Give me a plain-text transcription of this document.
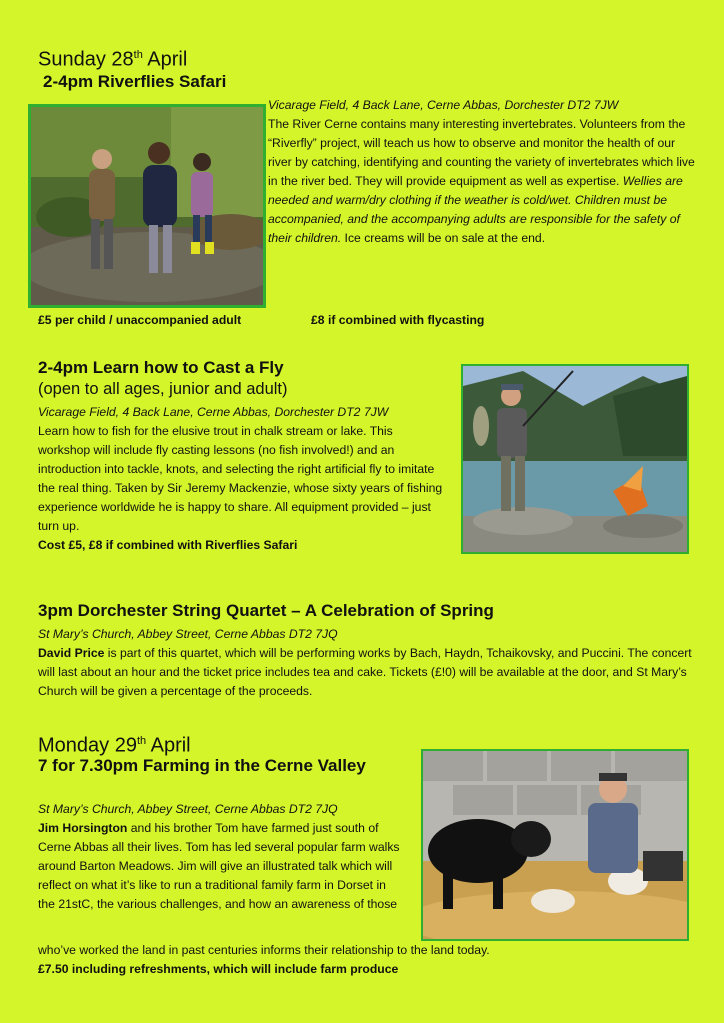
Sunday 28th April
2-4pm Riverflies Safari
Vicarage Field, 4 Back Lane, Cerne Abbas, Dorchester DT2 7JW
The River Cerne contains many interesting invertebrates. Volunteers from the “Riverfly” project, will teach us how to observe and monitor the health of our river by catching, identifying and counting the variety of invertebrates which live in the river bed. They will provide equipment as well as expertise. Wellies are needed and warm/dry clothing if the weather is cold/wet. Children must be accompanied, and the accompanying adults are responsible for the safety of their children. Ice creams will be on sale at the end.
£5 per child / unaccompanied adult	£8 if combined with flycasting
2-4pm Learn how to Cast a Fly
(open to all ages, junior and adult)
Vicarage Field, 4 Back Lane, Cerne Abbas, Dorchester DT2 7JW
Learn how to fish for the elusive trout in chalk stream or lake. This workshop will include fly casting lessons (no fish involved!) and an introduction into tackle, knots, and selecting the right artificial fly to imitate the real thing. Taken by Sir Jeremy Mackenzie, whose sixty years of fishing experience worldwide he is happy to share. All equipment provided – just turn up.
Cost £5, £8 if combined with Riverflies Safari
3pm Dorchester String Quartet – A Celebration of Spring
St Mary’s Church, Abbey Street, Cerne Abbas DT2 7JQ
David Price is part of this quartet, which will be performing works by Bach, Haydn, Tchaikovsky, and Puccini. The concert will last about an hour and the ticket price includes tea and cake. Tickets (£!0) will be available at the door, and St Mary’s Church will be given a percentage of the proceeds.
Monday 29th April
7 for 7.30pm Farming in the Cerne Valley
St Mary’s Church, Abbey Street, Cerne Abbas DT2 7JQ
Jim Horsington and his brother Tom have farmed just south of Cerne Abbas all their lives. Tom has led several popular farm walks around Barton Meadows. Jim will give an illustrated talk which will reflect on what it’s like to run a traditional family farm in Dorset in the 21stC, the various challenges, and how an awareness of those
who’ve worked the land in past centuries informs their relationship to the land today.
£7.50 including refreshments, which will include farm produce
